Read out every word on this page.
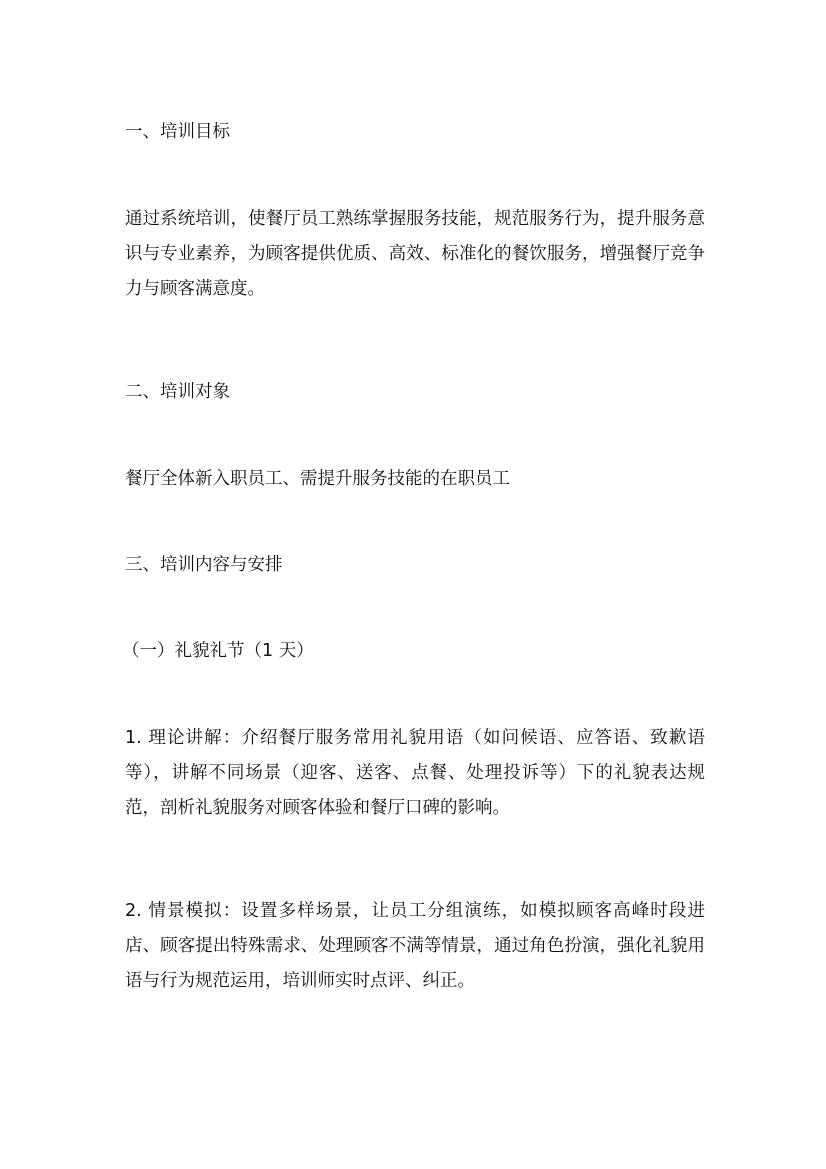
一、培训目标

通过系统培训，使餐厅员工熟练掌握服务技能，规范服务行为，提升服务意识与专业素养，为顾客提供优质、高效、标准化的餐饮服务，增强餐厅竞争力与顾客满意度。

二、培训对象

餐厅全体新入职员工、需提升服务技能的在职员工

三、培训内容与安排

（一）礼貌礼节（1 天）

1. 理论讲解：介绍餐厅服务常用礼貌用语（如问候语、应答语、致歉语等），讲解不同场景（迎客、送客、点餐、处理投诉等）下的礼貌表达规范，剖析礼貌服务对顾客体验和餐厅口碑的影响。

2. 情景模拟：设置多样场景，让员工分组演练，如模拟顾客高峰时段进店、顾客提出特殊需求、处理顾客不满等情景，通过角色扮演，强化礼貌用语与行为规范运用，培训师实时点评、纠正。
